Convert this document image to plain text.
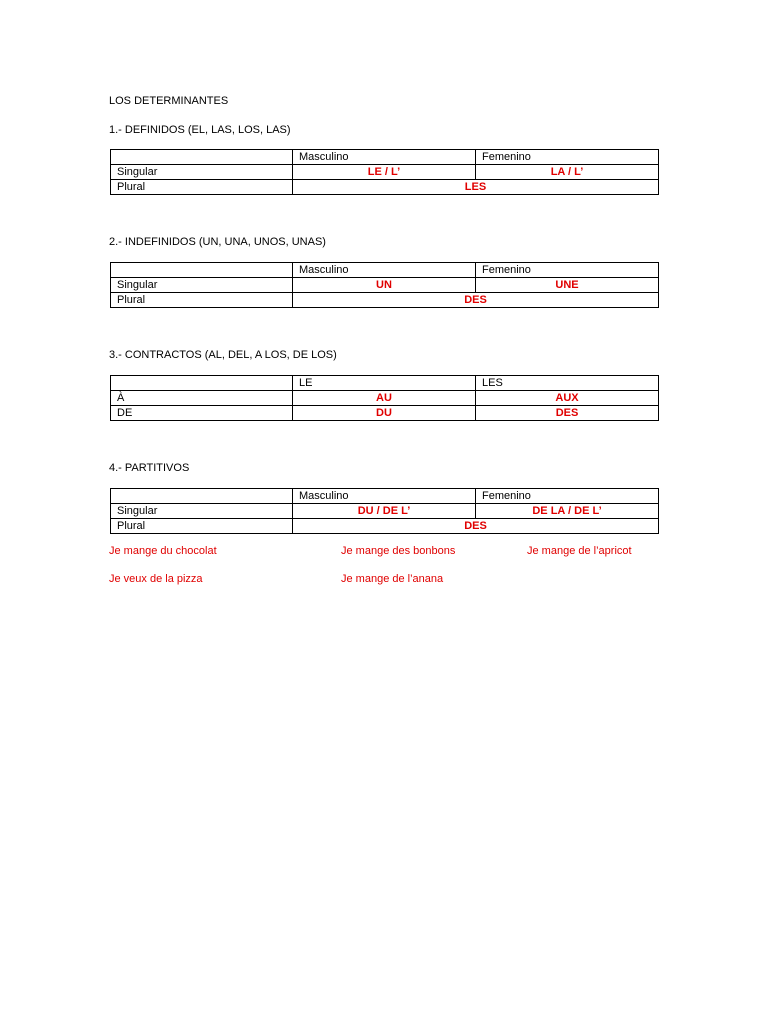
LOS DETERMINANTES
1.- DEFINIDOS (EL, LAS, LOS, LAS)
	Masculino	Femenino
Singular	LE / L’	LA / L’
Plural	LES	
2.- INDEFINIDOS (UN, UNA, UNOS, UNAS)
	Masculino	Femenino
Singular	UN	UNE
Plural	DES	
3.- CONTRACTOS (AL, DEL, A LOS, DE LOS)
	LE	LES
À	AU	AUX
DE	DU	DES
4.- PARTITIVOS
	Masculino	Femenino
Singular	DU / DE L’	DE LA / DE L’
Plural	DES	
Je mange du chocolat	Je mange des bonbons	Je mange de l’apricot
Je veux de la pizza	Je mange de l’anana
